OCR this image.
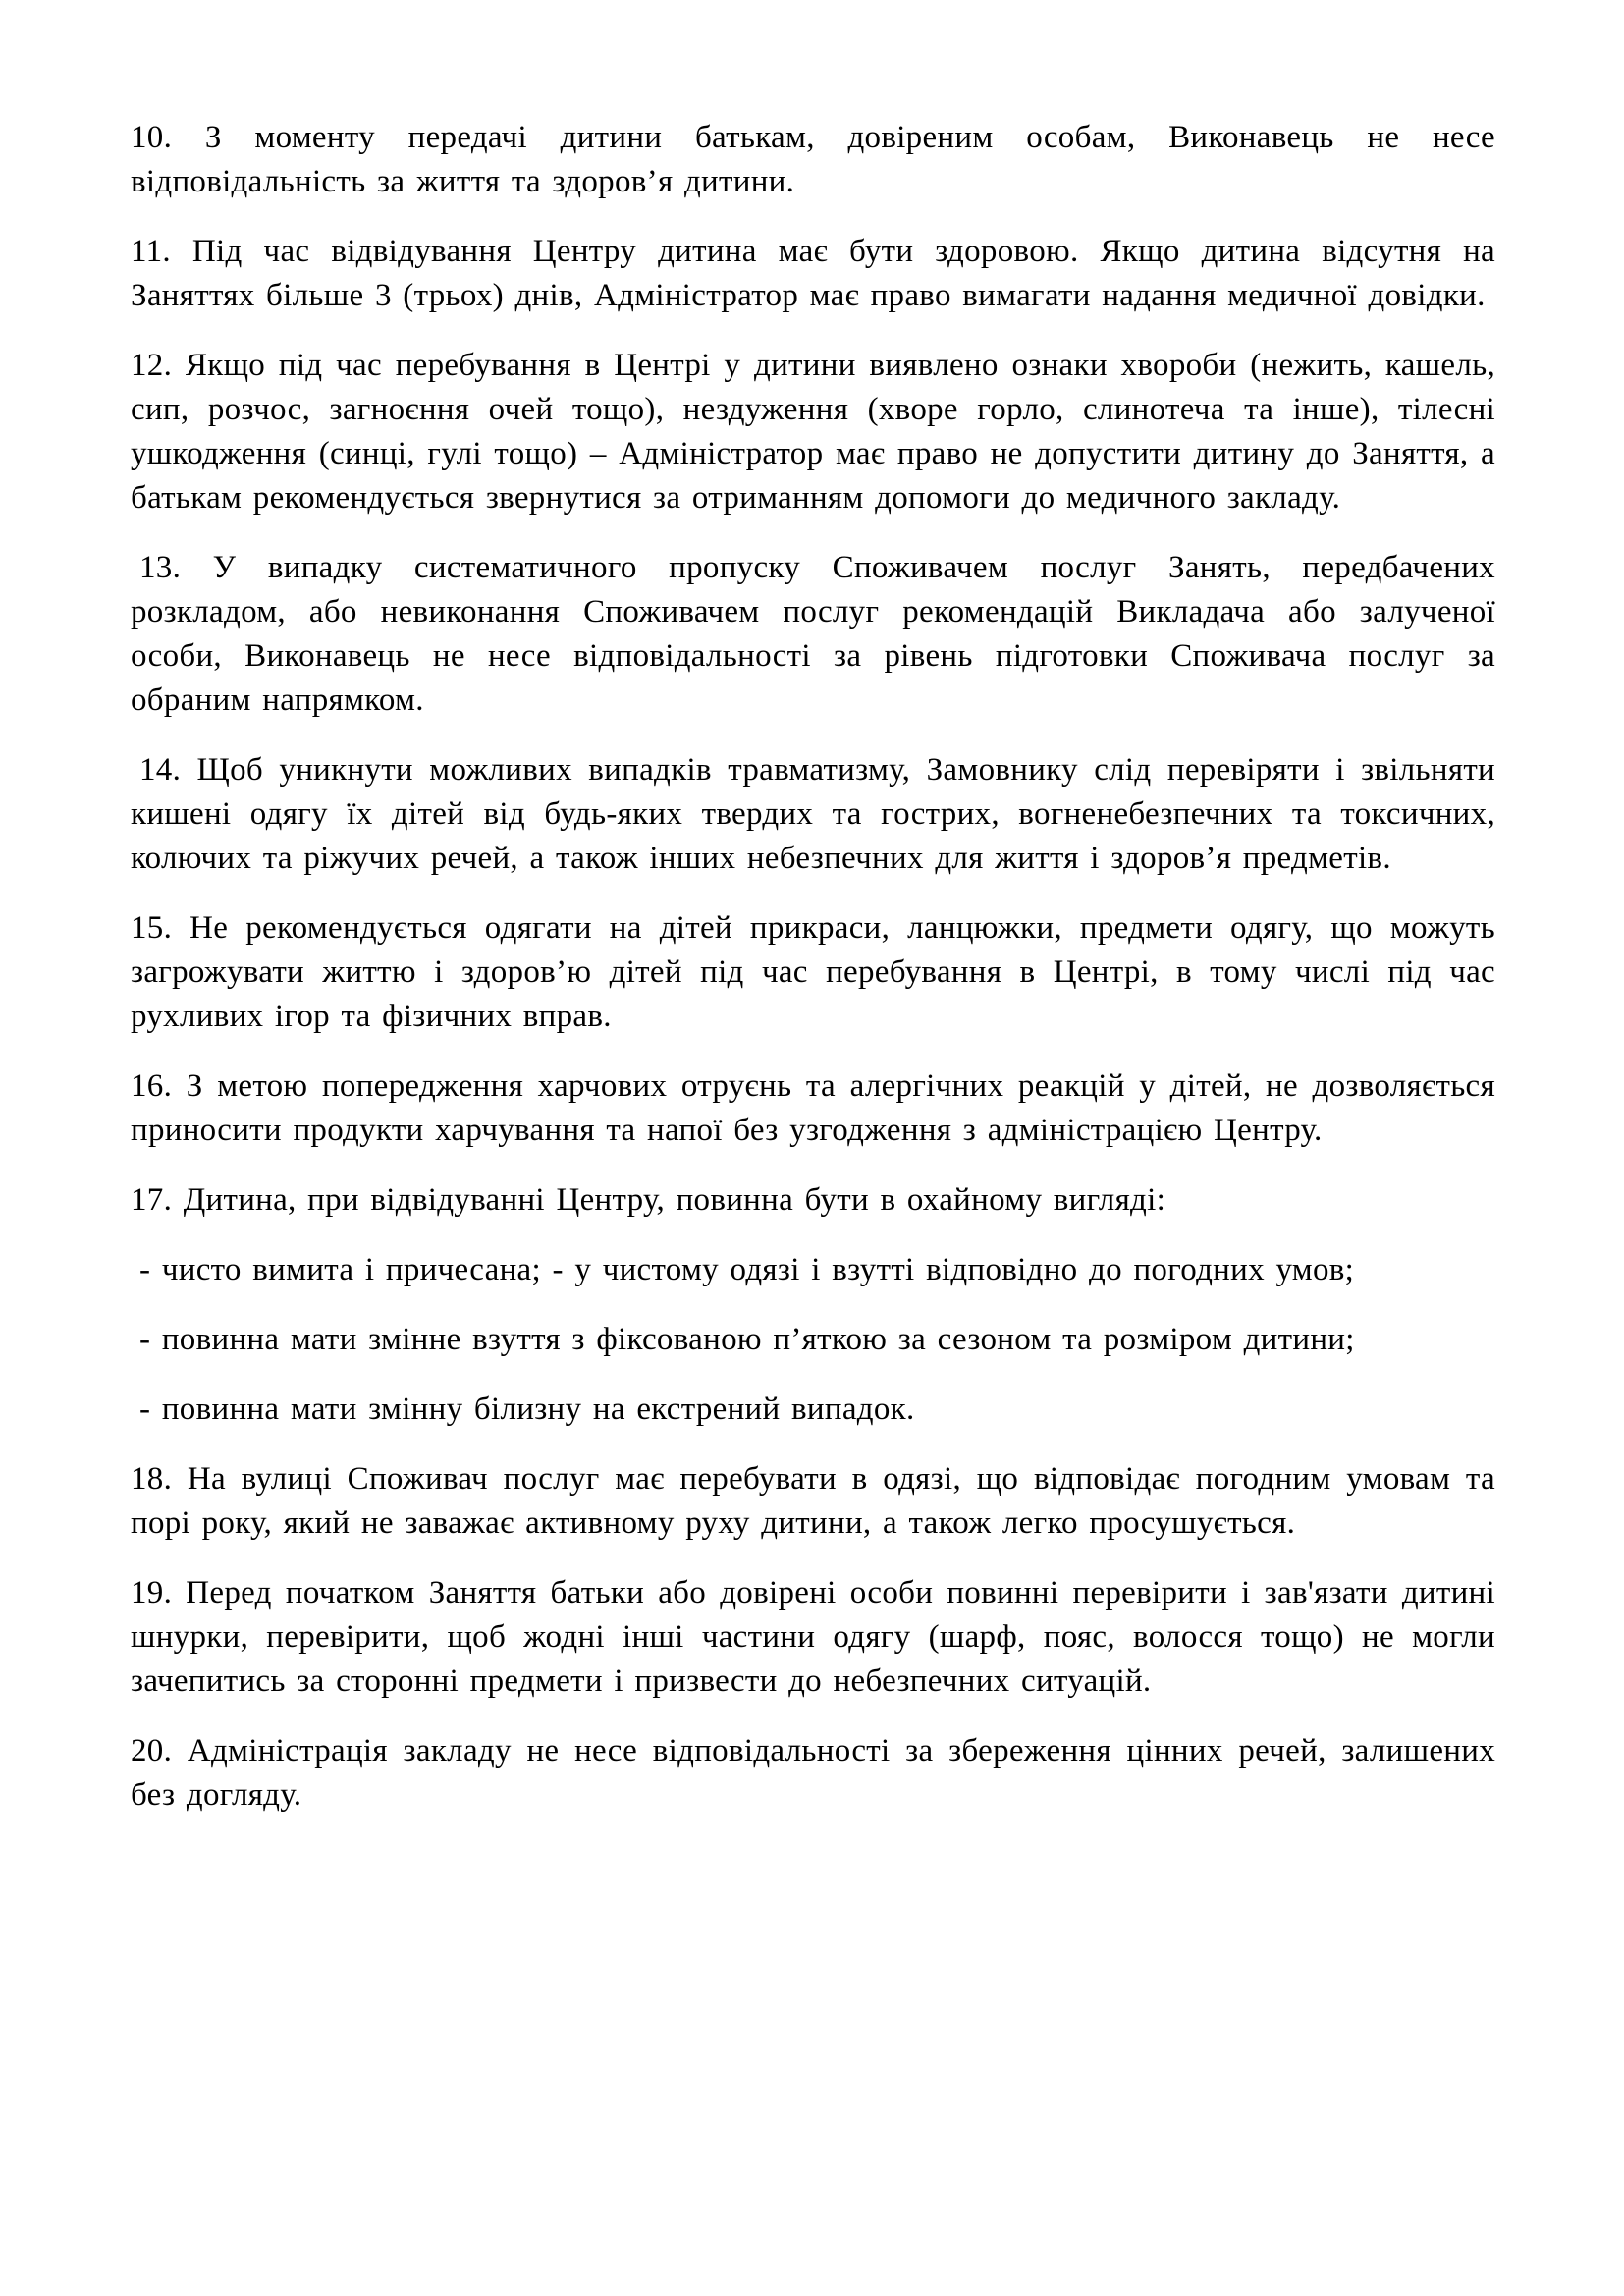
10. З моменту передачі дитини батькам, довіреним особам, Виконавець не несе відповідальність за життя та здоров’я дитини.

11. Під час відвідування Центру дитина має бути здоровою. Якщо дитина відсутня на Заняттях більше 3 (трьох) днів, Адміністратор має право вимагати надання медичної довідки.

12. Якщо під час перебування в Центрі у дитини виявлено ознаки хвороби (нежить, кашель, сип, розчос, загноєння очей тощо), нездуження (хворе горло, слинотеча та інше), тілесні ушкодження (синці, гулі тощо) – Адміністратор має право не допустити дитину до Заняття, а батькам рекомендується звернутися за отриманням допомоги до медичного закладу.

13. У випадку систематичного пропуску Споживачем послуг Занять, передбачених розкладом, або невиконання Споживачем послуг рекомендацій Викладача або залученої особи, Виконавець не несе відповідальності за рівень підготовки Споживача послуг за обраним напрямком.

14. Щоб уникнути можливих випадків травматизму, Замовнику слід перевіряти і звільняти кишені одягу їх дітей від будь-яких твердих та гострих, вогненебезпечних та токсичних, колючих та ріжучих речей, а також інших небезпечних для життя і здоров’я предметів.

15. Не рекомендується одягати на дітей прикраси, ланцюжки, предмети одягу, що можуть загрожувати життю і здоров’ю дітей під час перебування в Центрі, в тому числі під час рухливих ігор та фізичних вправ.

16. З метою попередження харчових отруєнь та алергічних реакцій у дітей, не дозволяється приносити продукти харчування та напої без узгодження з адміністрацією Центру.

17. Дитина, при відвідуванні Центру, повинна бути в охайному вигляді:

- чисто вимита і причесана; - у чистому одязі і взутті відповідно до погодних умов;

- повинна мати змінне взуття з фіксованою п’яткою за сезоном та розміром дитини;

- повинна мати змінну білизну на екстрений випадок.

18. На вулиці Споживач послуг має перебувати в одязі, що відповідає погодним умовам та порі року, який не заважає активному руху дитини, а також легко просушується.

19. Перед початком Заняття батьки або довірені особи повинні перевірити і зав'язати дитині шнурки, перевірити, щоб жодні інші частини одягу (шарф, пояс, волосся тощо) не могли зачепитись за сторонні предмети і призвести до небезпечних ситуацій.

20. Адміністрація закладу не несе відповідальності за збереження цінних речей, залишених без догляду.
